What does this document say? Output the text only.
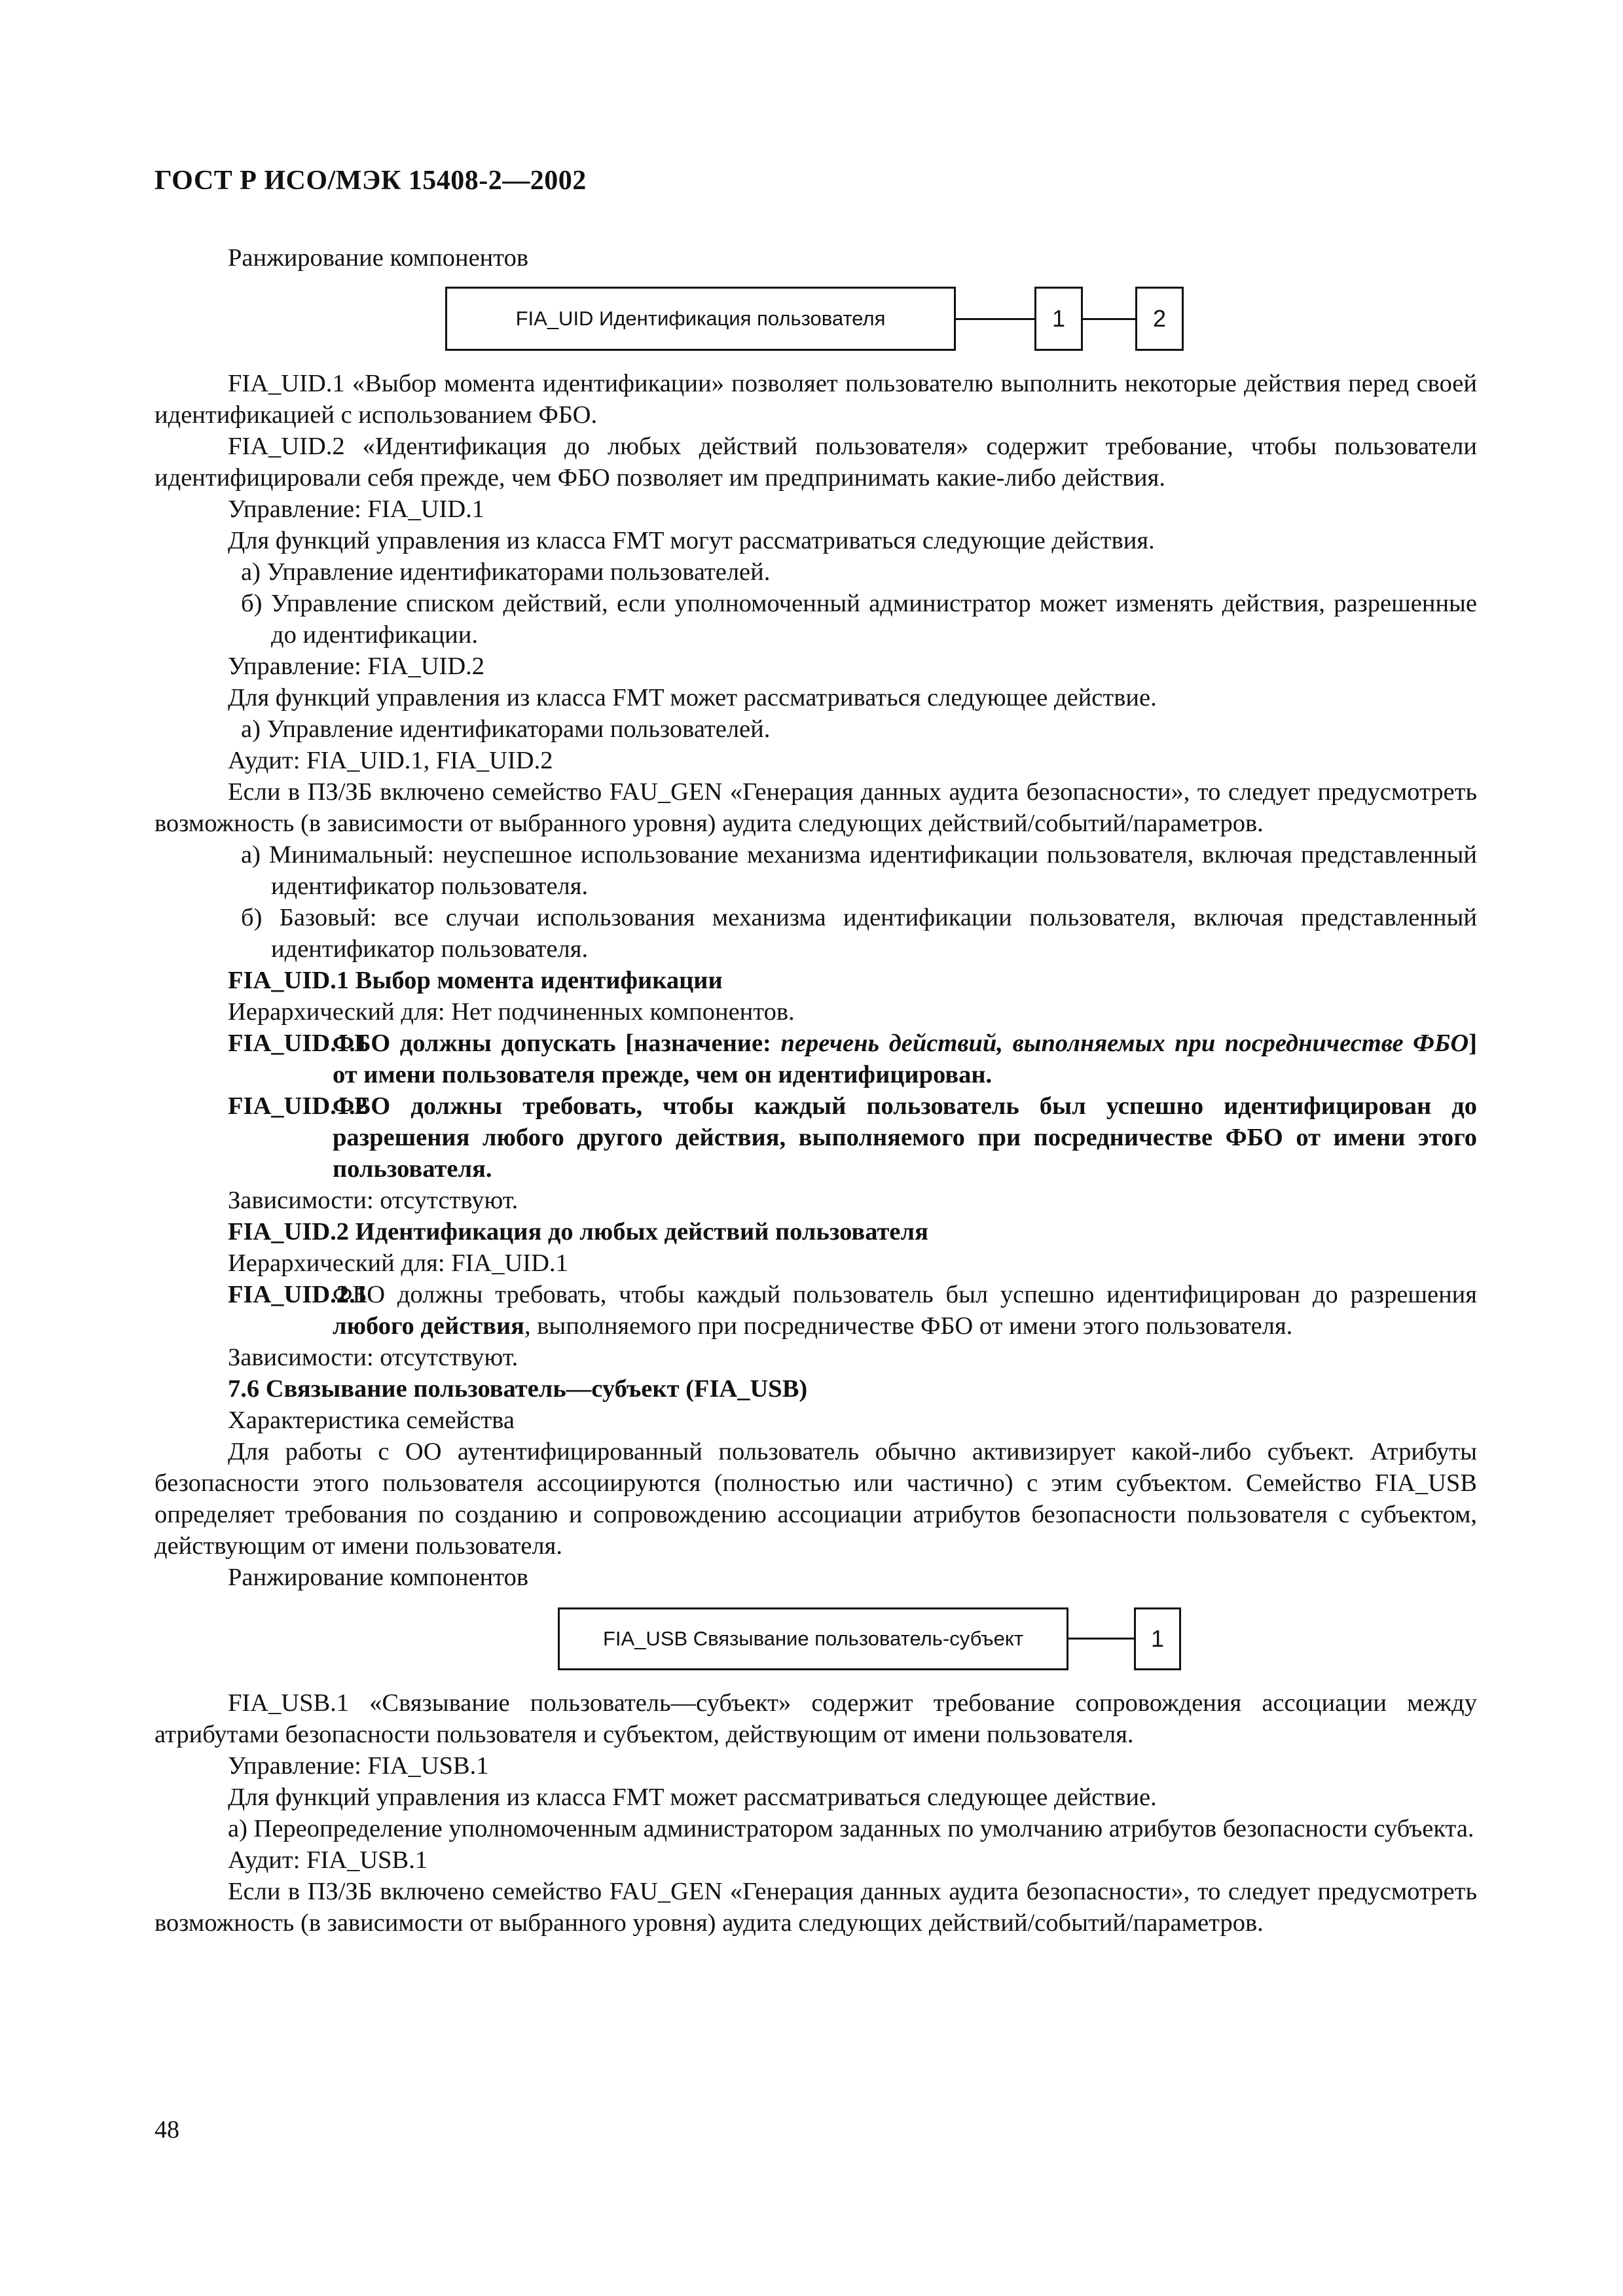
ГОСТ Р ИСО/МЭК 15408-2—2002

Ранжирование компонентов

FIA_UID Идентификация пользователя	1	2

FIA_UID.1 «Выбор момента идентификации» позволяет пользователю выполнить некоторые действия перед своей идентификацией с использованием ФБО.

FIA_UID.2 «Идентификация до любых действий пользователя» содержит требование, чтобы пользователи идентифицировали себя прежде, чем ФБО позволяет им предпринимать какие-либо действия.

Управление: FIA_UID.1

Для функций управления из класса FMT могут рассматриваться следующие действия.

а) Управление идентификаторами пользователей.

б) Управление списком действий, если уполномоченный администратор может изменять действия, разрешенные до идентификации.

Управление: FIA_UID.2

Для функций управления из класса FMT может рассматриваться следующее действие.

а) Управление идентификаторами пользователей.

Аудит: FIA_UID.1, FIA_UID.2

Если в ПЗ/ЗБ включено семейство FAU_GEN «Генерация данных аудита безопасности», то следует предусмотреть возможность (в зависимости от выбранного уровня) аудита следующих действий/событий/параметров.

а) Минимальный: неуспешное использование механизма идентификации пользователя, включая представленный идентификатор пользователя.

б) Базовый: все случаи использования механизма идентификации пользователя, включая представленный идентификатор пользователя.

FIA_UID.1 Выбор момента идентификации

Иерархический для: Нет подчиненных компонентов.

FIA_UID.1.1

ФБО должны допускать [назначение: перечень действий, выполняемых при посредничестве ФБО] от имени пользователя прежде, чем он идентифицирован.

FIA_UID.1.2

ФБО должны требовать, чтобы каждый пользователь был успешно идентифицирован до разрешения любого другого действия, выполняемого при посредничестве ФБО от имени этого пользователя.

Зависимости: отсутствуют.

FIA_UID.2 Идентификация до любых действий пользователя

Иерархический для: FIA_UID.1

FIA_UID.2.1

ФБО должны требовать, чтобы каждый пользователь был успешно идентифицирован до разрешения любого действия, выполняемого при посредничестве ФБО от имени этого пользователя.

Зависимости: отсутствуют.

7.6 Связывание пользователь—субъект (FIA_USB)

Характеристика семейства

Для работы с ОО аутентифицированный пользователь обычно активизирует какой-либо субъект. Атрибуты безопасности этого пользователя ассоциируются (полностью или частично) с этим субъектом. Семейство FIA_USB определяет требования по созданию и сопровождению ассоциации атрибутов безопасности пользователя с субъектом, действующим от имени пользователя.

Ранжирование компонентов

FIA_USB Связывание пользователь-субъект	1

FIA_USB.1 «Связывание пользователь—субъект» содержит требование сопровождения ассоциации между атрибутами безопасности пользователя и субъектом, действующим от имени пользователя.

Управление: FIA_USB.1

Для функций управления из класса FMT может рассматриваться следующее действие.

а) Переопределение уполномоченным администратором заданных по умолчанию атрибутов безопасности субъекта.

Аудит: FIA_USB.1

Если в ПЗ/ЗБ включено семейство FAU_GEN «Генерация данных аудита безопасности», то следует предусмотреть возможность (в зависимости от выбранного уровня) аудита следующих действий/событий/параметров.

48
